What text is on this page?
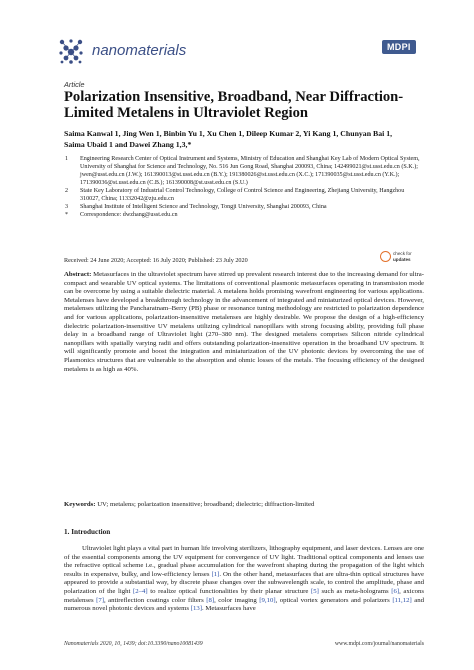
nanomaterials	MDPI
Article
Polarization Insensitive, Broadband, Near Diffraction-Limited Metalens in Ultraviolet Region
Saima Kanwal 1, Jing Wen 1, Binbin Yu 1, Xu Chen 1, Dileep Kumar 2, Yi Kang 1, Chunyan Bai 1,
Saima Ubaid 1 and Dawei Zhang 1,3,*
1 Engineering Research Center of Optical Instrument and Systems, Ministry of Education and Shanghai Key Lab of Modern Optical System, University of Shanghai for Science and Technology, No. 516 Jun Gong Road, Shanghai 200093, China; 142499021@st.usst.edu.cn (S.K.); jwen@usst.edu.cn (J.W.); 161390013@st.usst.edu.cn (B.Y.); 191380026@st.usst.edu.cn (X.C.); 171390035@st.usst.edu.cn (Y.K.); 171390036@st.usst.edu.cn (C.B.); 161390008@st.usst.edu.cn (S.U.)
2 State Key Laboratory of Industrial Control Technology, College of Control Science and Engineering, Zhejiang University, Hangzhou 310027, China; 11332042@zju.edu.cn
3 Shanghai Institute of Intelligent Science and Technology, Tongji University, Shanghai 200093, China
* Correspondence: dwzhang@usst.edu.cn
Received: 24 June 2020; Accepted: 16 July 2020; Published: 23 July 2020
check for
updates
Abstract: Metasurfaces in the ultraviolet spectrum have stirred up prevalent research interest due to the increasing demand for ultra-compact and wearable UV optical systems. The limitations of conventional plasmonic metasurfaces operating in transmission mode can be overcome by using a suitable dielectric material. A metalens holds promising wavefront engineering for various applications. Metalenses have developed a breakthrough technology in the advancement of integrated and miniaturized optical devices. However, metalenses utilizing the Pancharatnam–Berry (PB) phase or resonance tuning methodology are restricted to polarization dependence and for various applications, polarization-insensitive metalenses are highly desirable. We propose the design of a high-efficiency dielectric polarization-insensitive UV metalens utilizing cylindrical nanopillars with strong focusing ability, providing full phase delay in a broadband range of Ultraviolet light (270–380 nm). The designed metalens comprises Silicon nitride cylindrical nanopillars with spatially varying radii and offers outstanding polarization-insensitive operation in the broadband UV spectrum. It will significantly promote and boost the integration and miniaturization of the UV photonic devices by overcoming the use of Plasmonics structures that are vulnerable to the absorption and ohmic losses of the metals. The focusing efficiency of the designed metalens is as high as 40%.
Keywords: UV; metalens; polarization insensitive; broadband; dielectric; diffraction-limited
1. Introduction
Ultraviolet light plays a vital part in human life involving sterilizers, lithography equipment, and laser devices. Lenses are one of the essential components among the UV equipment for convergence of UV light. Traditional optical components and lenses use the refractive optical scheme i.e., gradual phase accumulation for the wavefront shaping during the propagation of the light which results in expensive, bulky, and low-efficiency lenses [1]. On the other hand, metasurfaces that are ultra-thin optical structures have appeared to provide a substantial way, by discrete phase changes over the subwavelength scale, to control the amplitude, phase and polarization of the light [2–4] to realize optical functionalities by their planar structure [5] such as meta-holograms [6], axicons metalenses [7], antireflection coatings color filters [8], color imaging [9,10], optical vortex generators and polarizers [11,12] and numerous novel photonic devices and systems [13]. Metasurfaces have
Nanomaterials 2020, 10, 1439; doi:10.3390/nano10081439	www.mdpi.com/journal/nanomaterials
